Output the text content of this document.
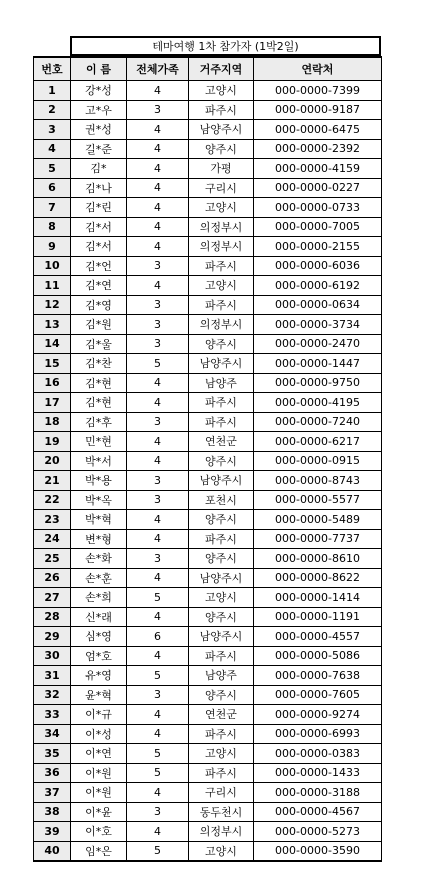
테마여행 1차 참가자 (1박2일)
번호	이 름	전체가족	거주지역	연락처
1	강*성	4	고양시	000-0000-7399
2	고*우	3	파주시	000-0000-9187
3	권*성	4	남양주시	000-0000-6475
4	길*준	4	양주시	000-0000-2392
5	김*	4	가평	000-0000-4159
6	김*나	4	구리시	000-0000-0227
7	김*린	4	고양시	000-0000-0733
8	김*서	4	의정부시	000-0000-7005
9	김*서	4	의정부시	000-0000-2155
10	김*언	3	파주시	000-0000-6036
11	김*연	4	고양시	000-0000-6192
12	김*영	3	파주시	000-0000-0634
13	김*원	3	의정부시	000-0000-3734
14	김*울	3	양주시	000-0000-2470
15	김*찬	5	남양주시	000-0000-1447
16	김*현	4	남양주	000-0000-9750
17	김*현	4	파주시	000-0000-4195
18	김*후	3	파주시	000-0000-7240
19	민*현	4	연천군	000-0000-6217
20	박*서	4	양주시	000-0000-0915
21	박*용	3	남양주시	000-0000-8743
22	박*옥	3	포천시	000-0000-5577
23	박*혁	4	양주시	000-0000-5489
24	변*형	4	파주시	000-0000-7737
25	손*화	3	양주시	000-0000-8610
26	손*훈	4	남양주시	000-0000-8622
27	손*희	5	고양시	000-0000-1414
28	신*래	4	양주시	000-0000-1191
29	심*영	6	남양주시	000-0000-4557
30	엄*호	4	파주시	000-0000-5086
31	유*영	5	남양주	000-0000-7638
32	윤*혁	3	양주시	000-0000-7605
33	이*규	4	연천군	000-0000-9274
34	이*성	4	파주시	000-0000-6993
35	이*연	5	고양시	000-0000-0383
36	이*원	5	파주시	000-0000-1433
37	이*원	4	구리시	000-0000-3188
38	이*윤	3	동두천시	000-0000-4567
39	이*호	4	의정부시	000-0000-5273
40	임*은	5	고양시	000-0000-3590
